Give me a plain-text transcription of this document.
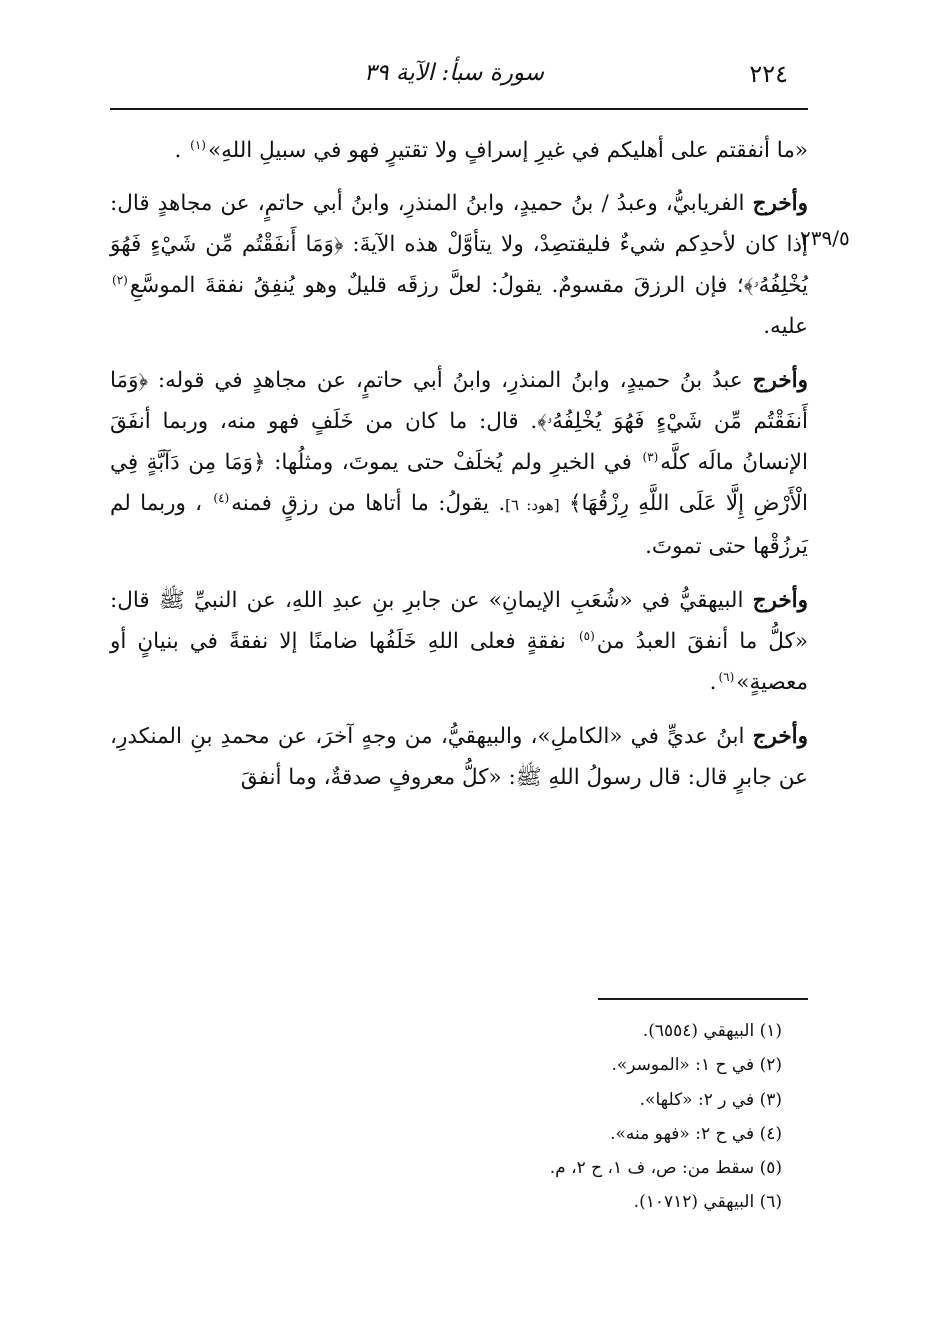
٢٢٤
سورة سبأ: الآية ٣٩
٢٣٩/٥

«ما أنفقتم على أهليكم في غيرِ إسرافٍ ولا تقتيرٍ فهو في سبيلِ اللهِ»$^{(١)}$ .

وأخرج الفريابيُّ، وعبدُ / بنُ حميدٍ، وابنُ المنذرِ، وابنُ أبي حاتمٍ، عن مجاهدٍ قال: إذا كان لأحدِكم شيءٌ فليقتصِدْ، ولا يتأوَّلْ هذه الآيةَ: ﴿وَمَا أَنفَقْتُم مِّن شَيْءٍ فَهُوَ يُخْلِفُهُۥ﴾؛ فإن الرزقَ مقسومٌ. يقولُ: لعلَّ رزقَه قليلٌ وهو يُنفِقُ نفقةَ الموسَّعِ$^{(٢)}$ عليه.

وأخرج عبدُ بنُ حميدٍ، وابنُ المنذرِ، وابنُ أبي حاتمٍ، عن مجاهدٍ في قوله: ﴿وَمَا أَنفَقْتُم مِّن شَيْءٍ فَهُوَ يُخْلِفُهُۥ﴾. قال: ما كان من خَلَفٍ فهو منه، وربما أنفَقَ الإنسانُ مالَه كلَّه$^{(٣)}$ في الخيرِ ولم يُخلَفْ حتى يموتَ، ومثلُها: ﴿وَمَا مِن دَآبَّةٍ فِي الْأَرْضِ إِلَّا عَلَى اللَّهِ رِزْقُهَا﴾ [هود: ٦]. يقولُ: ما أتاها من رزقٍ فمنه$^{(٤)}$ ، وربما لم يَرزُقْها حتى تموتَ.

وأخرج البيهقيُّ في «شُعَبِ الإيمانِ» عن جابرِ بنِ عبدِ اللهِ، عن النبيِّ ﷺ قال: «كلُّ ما أنفقَ العبدُ من$^{(٥)}$ نفقةٍ فعلى اللهِ خَلَفُها ضامنًا إلا نفقةً في بنيانٍ أو معصيةٍ»$^{(٦)}$.

وأخرج ابنُ عديٍّ في «الكاملِ»، والبيهقيُّ، من وجهٍ آخرَ، عن محمدِ بنِ المنكدرِ، عن جابرٍ قال: قال رسولُ اللهِ ﷺ: «كلُّ معروفٍ صدقةٌ، وما أنفقَ

(١) البيهقي (٦٥٥٤).
(٢) في ح ١: «الموسر».
(٣) في ر ٢: «كلها».
(٤) في ح ٢: «فهو منه».
(٥) سقط من: ص، ف ١، ح ٢، م.
(٦) البيهقي (١٠٧١٢).
